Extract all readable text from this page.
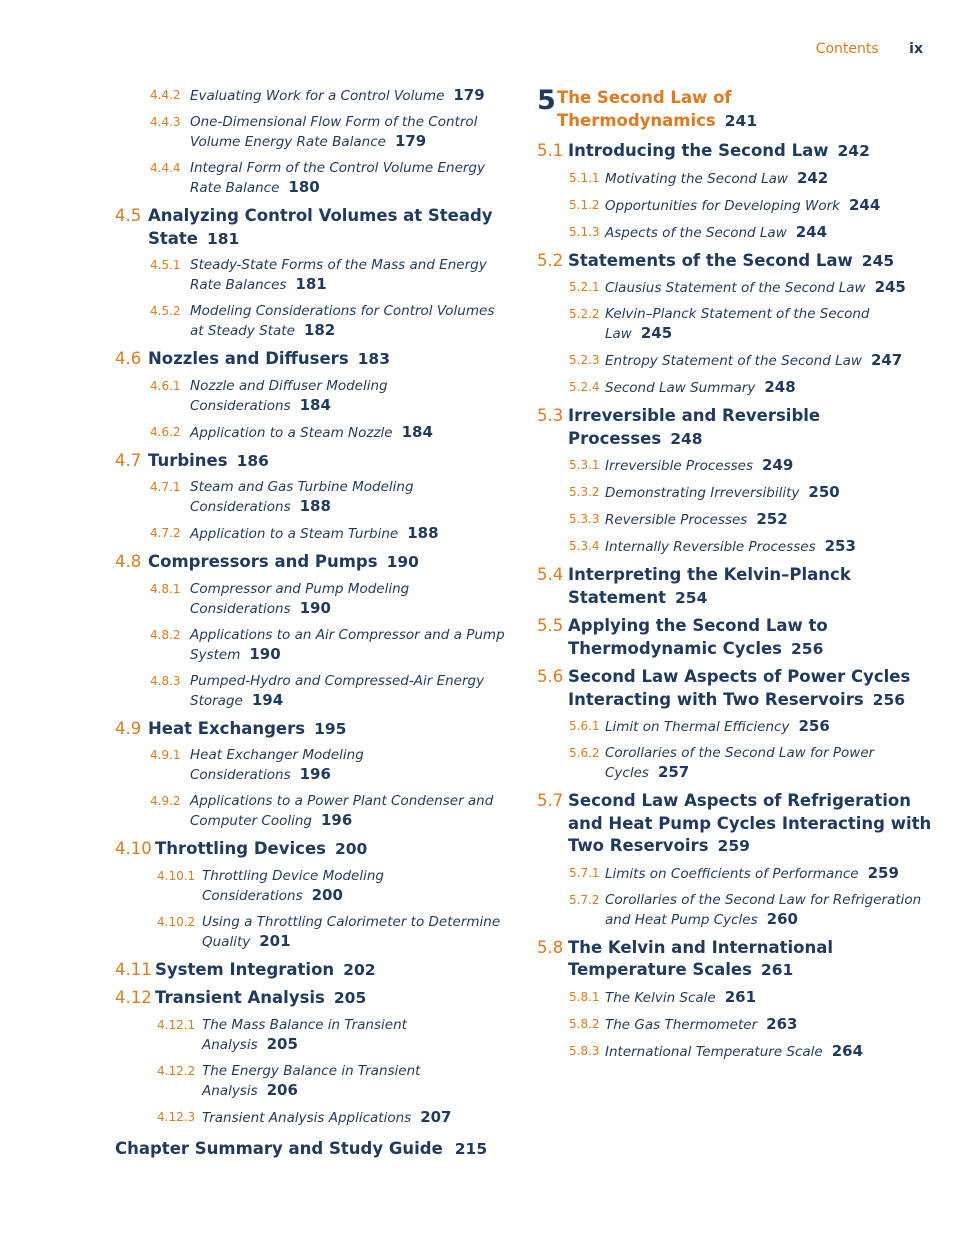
Contents ix
4.4.2 Evaluating Work for a Control Volume 179
4.4.3 One-Dimensional Flow Form of the Control Volume Energy Rate Balance 179
4.4.4 Integral Form of the Control Volume Energy Rate Balance 180
4.5 Analyzing Control Volumes at Steady State 181
4.5.1 Steady-State Forms of the Mass and Energy Rate Balances 181
4.5.2 Modeling Considerations for Control Volumes at Steady State 182
4.6 Nozzles and Diffusers 183
4.6.1 Nozzle and Diffuser Modeling Considerations 184
4.6.2 Application to a Steam Nozzle 184
4.7 Turbines 186
4.7.1 Steam and Gas Turbine Modeling Considerations 188
4.7.2 Application to a Steam Turbine 188
4.8 Compressors and Pumps 190
4.8.1 Compressor and Pump Modeling Considerations 190
4.8.2 Applications to an Air Compressor and a Pump System 190
4.8.3 Pumped-Hydro and Compressed-Air Energy Storage 194
4.9 Heat Exchangers 195
4.9.1 Heat Exchanger Modeling Considerations 196
4.9.2 Applications to a Power Plant Condenser and Computer Cooling 196
4.10 Throttling Devices 200
4.10.1 Throttling Device Modeling Considerations 200
4.10.2 Using a Throttling Calorimeter to Determine Quality 201
4.11 System Integration 202
4.12 Transient Analysis 205
4.12.1 The Mass Balance in Transient Analysis 205
4.12.2 The Energy Balance in Transient Analysis 206
4.12.3 Transient Analysis Applications 207
Chapter Summary and Study Guide 215
5 The Second Law of Thermodynamics 241
5.1 Introducing the Second Law 242
5.1.1 Motivating the Second Law 242
5.1.2 Opportunities for Developing Work 244
5.1.3 Aspects of the Second Law 244
5.2 Statements of the Second Law 245
5.2.1 Clausius Statement of the Second Law 245
5.2.2 Kelvin–Planck Statement of the Second Law 245
5.2.3 Entropy Statement of the Second Law 247
5.2.4 Second Law Summary 248
5.3 Irreversible and Reversible Processes 248
5.3.1 Irreversible Processes 249
5.3.2 Demonstrating Irreversibility 250
5.3.3 Reversible Processes 252
5.3.4 Internally Reversible Processes 253
5.4 Interpreting the Kelvin–Planck Statement 254
5.5 Applying the Second Law to Thermodynamic Cycles 256
5.6 Second Law Aspects of Power Cycles Interacting with Two Reservoirs 256
5.6.1 Limit on Thermal Efficiency 256
5.6.2 Corollaries of the Second Law for Power Cycles 257
5.7 Second Law Aspects of Refrigeration and Heat Pump Cycles Interacting with Two Reservoirs 259
5.7.1 Limits on Coefficients of Performance 259
5.7.2 Corollaries of the Second Law for Refrigeration and Heat Pump Cycles 260
5.8 The Kelvin and International Temperature Scales 261
5.8.1 The Kelvin Scale 261
5.8.2 The Gas Thermometer 263
5.8.3 International Temperature Scale 264
